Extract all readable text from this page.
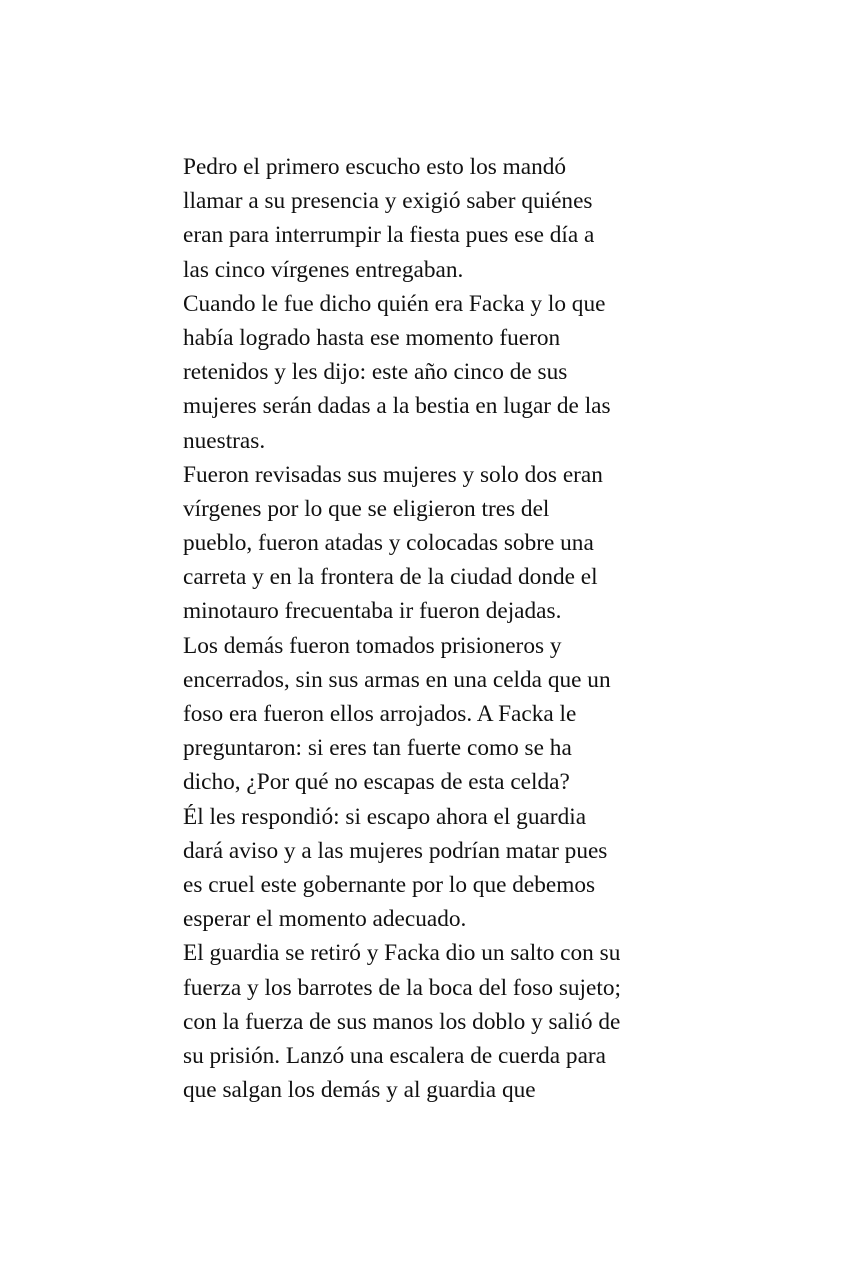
Pedro el primero escucho esto los mandó
llamar a su presencia y exigió saber quiénes
eran para interrumpir la fiesta pues ese día a
las cinco vírgenes entregaban.
Cuando le fue dicho quién era Facka y lo que
había logrado hasta ese momento fueron
retenidos y les dijo: este año cinco de sus
mujeres serán dadas a la bestia en lugar de las
nuestras.
Fueron revisadas sus mujeres y solo dos eran
vírgenes por lo que se eligieron tres del
pueblo, fueron atadas y colocadas sobre una
carreta y en la frontera de la ciudad donde el
minotauro frecuentaba ir fueron dejadas.
Los demás fueron tomados prisioneros y
encerrados, sin sus armas en una celda que un
foso era fueron ellos arrojados. A Facka le
preguntaron: si eres tan fuerte como se ha
dicho, ¿Por qué no escapas de esta celda?
Él les respondió: si escapo ahora el guardia
dará aviso y a las mujeres podrían matar pues
es cruel este gobernante por lo que debemos
esperar el momento adecuado.
El guardia se retiró y Facka dio un salto con su
fuerza y los barrotes de la boca del foso sujeto;
con la fuerza de sus manos los doblo y salió de
su prisión. Lanzó una escalera de cuerda para
que salgan los demás y al guardia que
